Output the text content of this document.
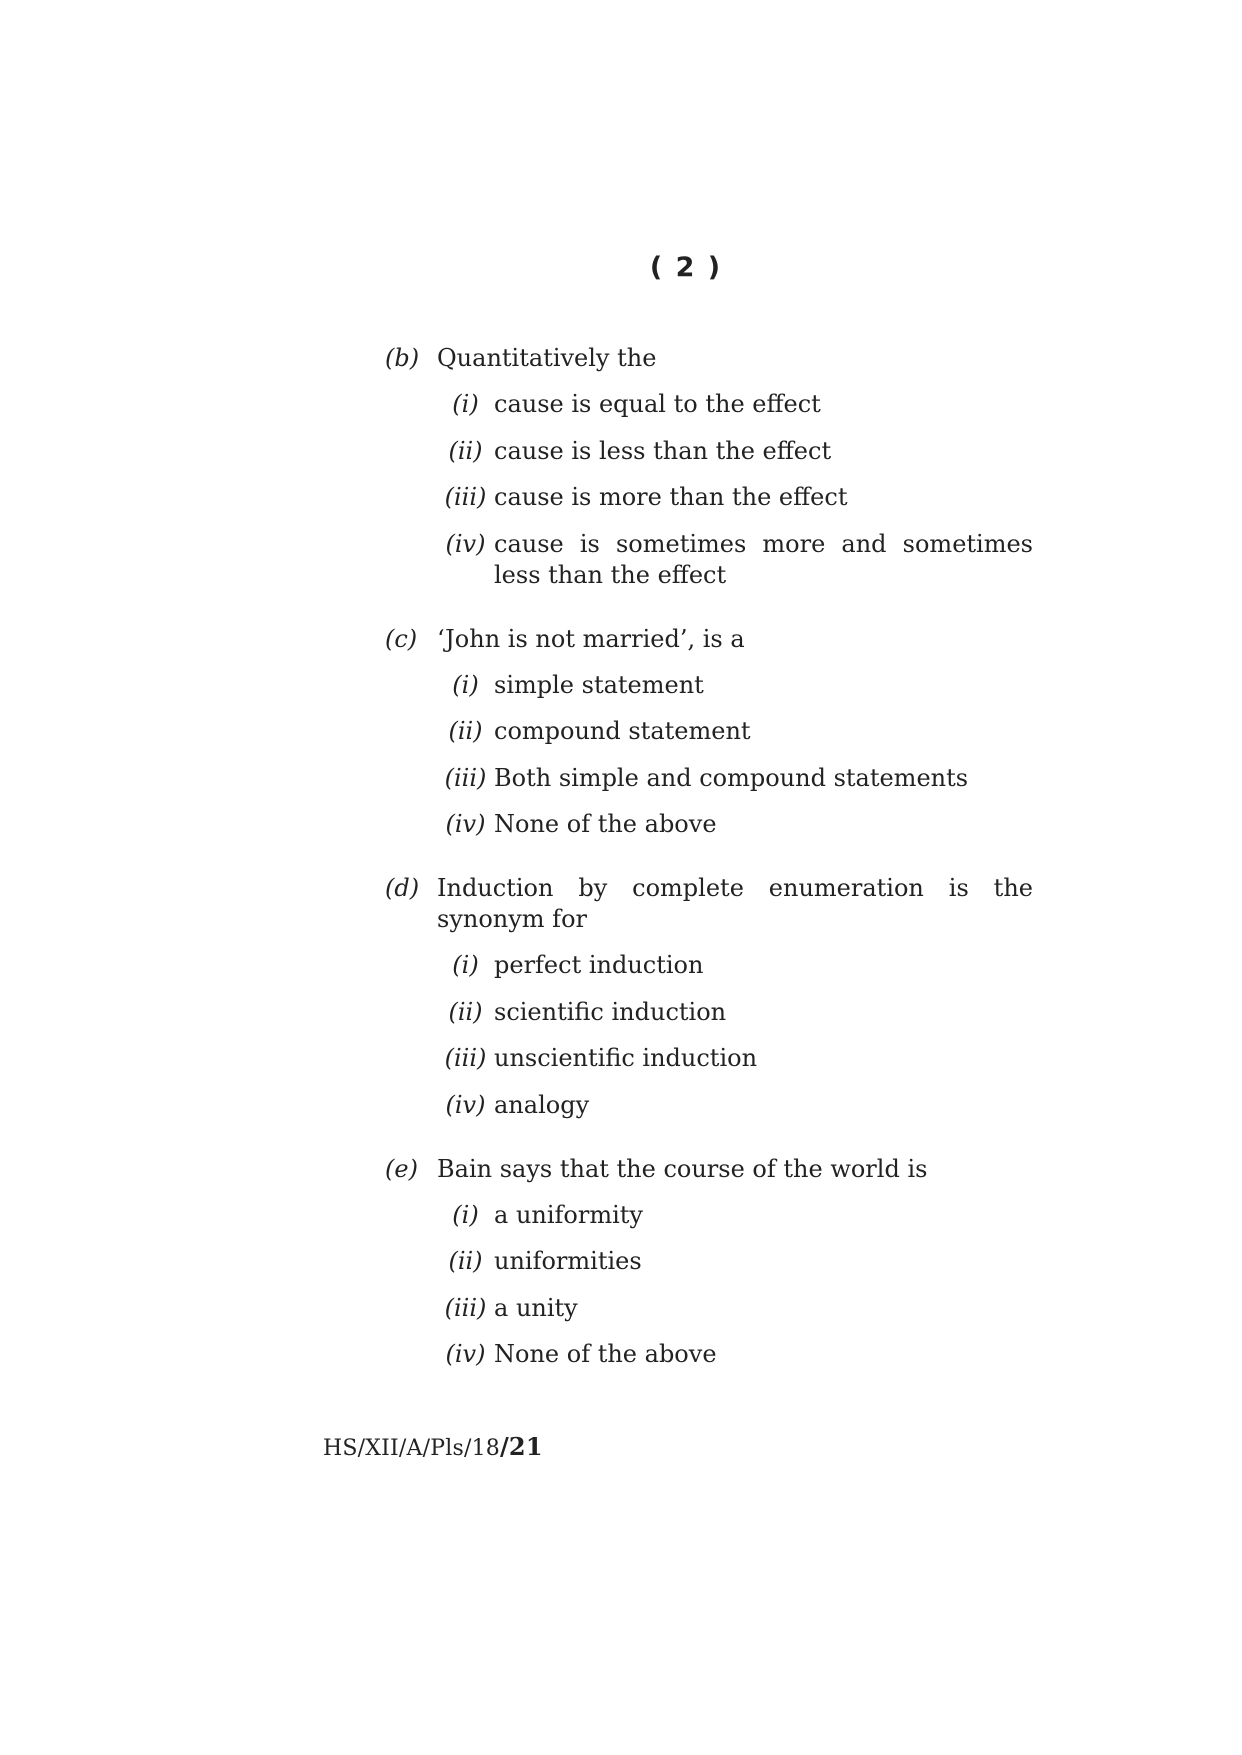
( 2 )
(b) Quantitatively the
(i) cause is equal to the effect
(ii) cause is less than the effect
(iii) cause is more than the effect
(iv) cause is sometimes more and sometimes less than the effect
(c) ‘John is not married’, is a
(i) simple statement
(ii) compound statement
(iii) Both simple and compound statements
(iv) None of the above
(d) Induction by complete enumeration is the synonym for
(i) perfect induction
(ii) scientific induction
(iii) unscientific induction
(iv) analogy
(e) Bain says that the course of the world is
(i) a uniformity
(ii) uniformities
(iii) a unity
(iv) None of the above
HS/XII/A/Pls/18/21
